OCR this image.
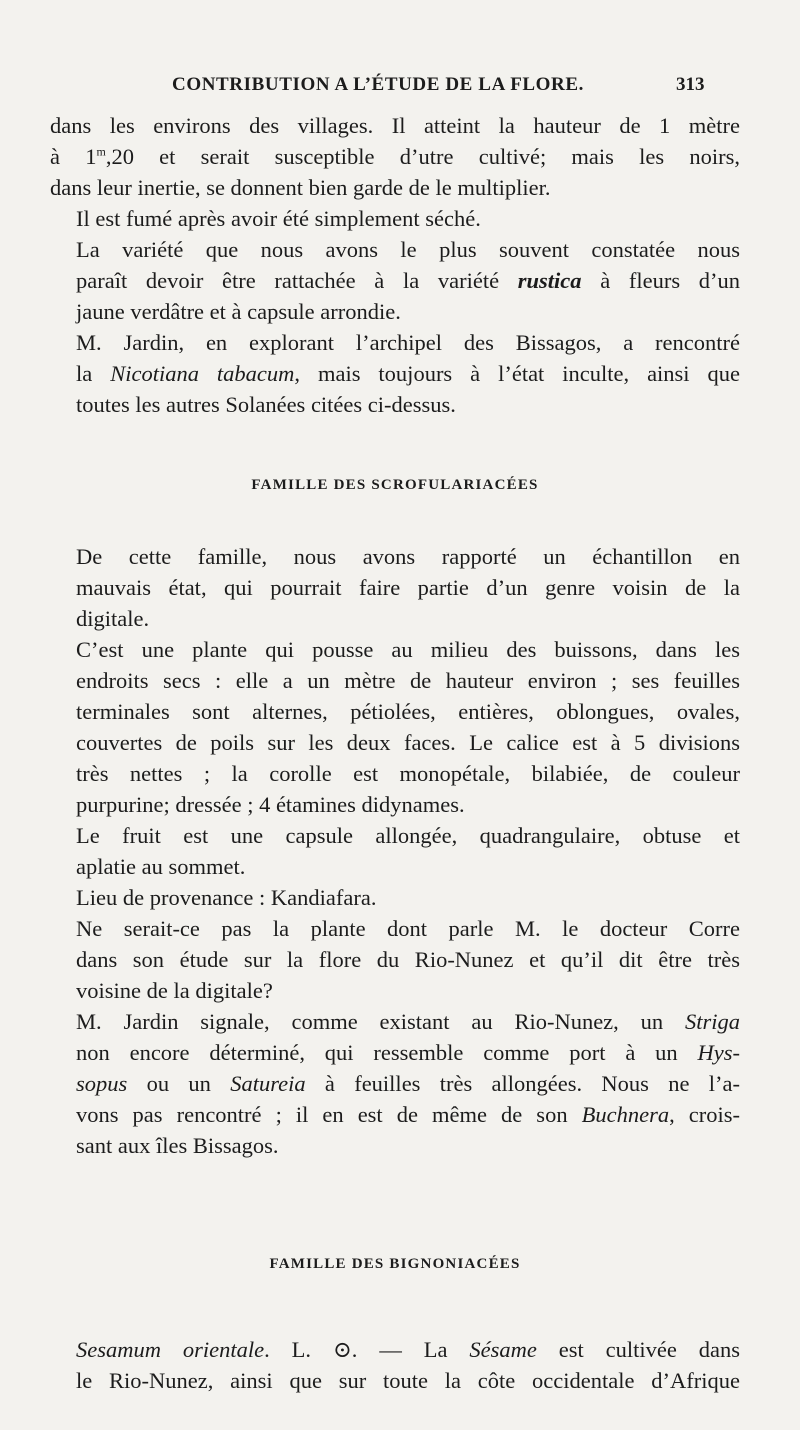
CONTRIBUTION A L’ÉTUDE DE LA FLORE.	313

dans les environs des villages. Il atteint la hauteur de 1 mètre
à 1$^m$,20 et serait susceptible d’utre cultivé; mais les noirs,
dans leur inertie, se donnent bien garde de le multiplier.

Il est fumé après avoir été simplement séché.

La variété que nous avons le plus souvent constatée nous
paraît devoir être rattachée à la variété rustica à fleurs d’un
jaune verdâtre et à capsule arrondie.

M. Jardin, en explorant l’archipel des Bissagos, a rencontré
la Nicotiana tabacum, mais toujours à l’état inculte, ainsi que
toutes les autres Solanées citées ci-dessus.

FAMILLE DES SCROFULARIACÉES

De cette famille, nous avons rapporté un échantillon en
mauvais état, qui pourrait faire partie d’un genre voisin de la
digitale.

C’est une plante qui pousse au milieu des buissons, dans les
endroits secs : elle a un mètre de hauteur environ ; ses feuilles
terminales sont alternes, pétiolées, entières, oblongues, ovales,
couvertes de poils sur les deux faces. Le calice est à 5 divisions
très nettes ; la corolle est monopétale, bilabiée, de couleur
purpurine; dressée ; 4 étamines didynames.

Le fruit est une capsule allongée, quadrangulaire, obtuse et
aplatie au sommet.

Lieu de provenance : Kandiafara.

Ne serait-ce pas la plante dont parle M. le docteur Corre
dans son étude sur la flore du Rio-Nunez et qu’il dit être très
voisine de la digitale?

M. Jardin signale, comme existant au Rio-Nunez, un Striga
non encore déterminé, qui ressemble comme port à un Hys-
sopus ou un Satureia à feuilles très allongées. Nous ne l’a-
vons pas rencontré ; il en est de même de son Buchnera, crois-
sant aux îles Bissagos.

FAMILLE DES BIGNONIACÉES

Sesamum orientale. L. ⊙. — La Sésame est cultivée dans
le Rio-Nunez, ainsi que sur toute la côte occidentale d’Afrique
